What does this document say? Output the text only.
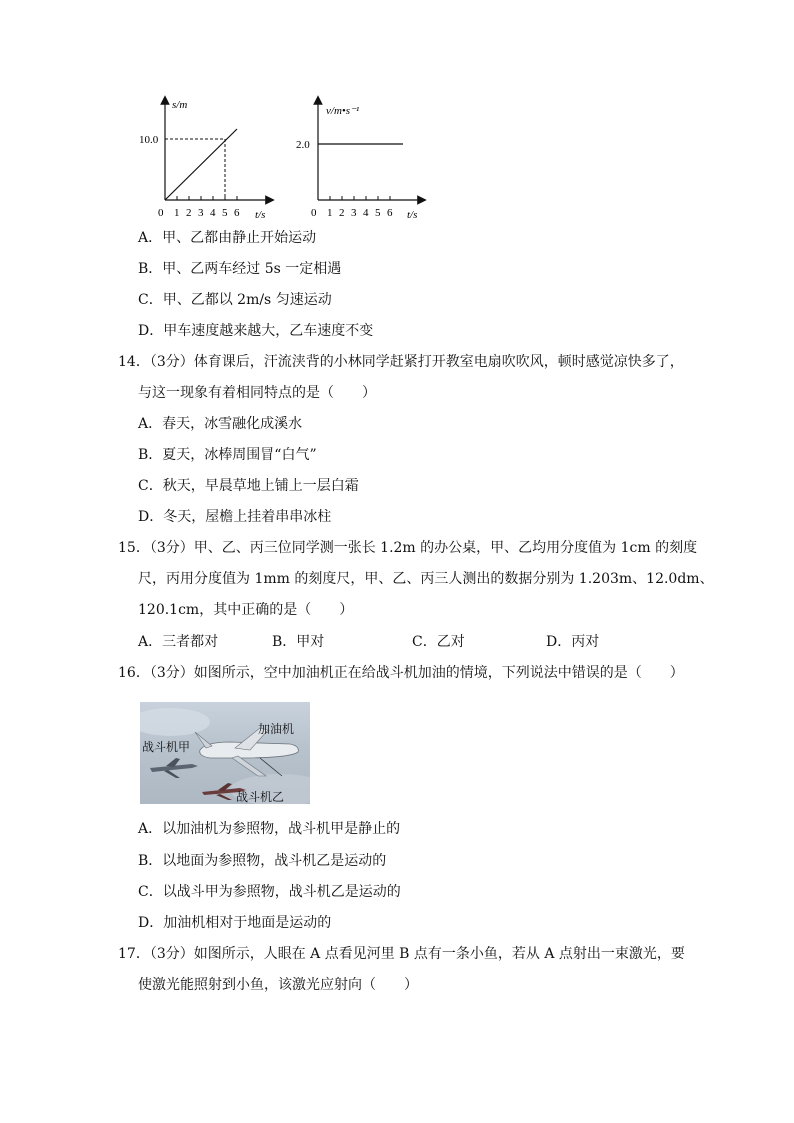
s/m
10.0
t/s
0 1 2 3 4 5 6
v/m•s⁻¹
2.0
t/s
0 1 2 3 4 5 6
A．甲、乙都由静止开始运动
B．甲、乙两车经过 5s 一定相遇
C．甲、乙都以 2m/s 匀速运动
D．甲车速度越来越大，乙车速度不变
14．（3分）体育课后，汗流浃背的小林同学赶紧打开教室电扇吹吹风，顿时感觉凉快多了，
与这一现象有着相同特点的是（　　）
A．春天，冰雪融化成溪水
B．夏天，冰棒周围冒“白气”
C．秋天，早晨草地上铺上一层白霜
D．冬天，屋檐上挂着串串冰柱
15．（3分）甲、乙、丙三位同学测一张长 1.2m 的办公桌，甲、乙均用分度值为 1cm 的刻度
尺，丙用分度值为 1mm 的刻度尺，甲、乙、丙三人测出的数据分别为 1.203m、12.0dm、
120.1cm，其中正确的是（　　）
A．三者都对	B．甲对	C．乙对	D．丙对
16．（3分）如图所示，空中加油机正在给战斗机加油的情境，下列说法中错误的是（　　）
加油机
战斗机甲
战斗机乙
A．以加油机为参照物，战斗机甲是静止的
B．以地面为参照物，战斗机乙是运动的
C．以战斗甲为参照物，战斗机乙是运动的
D．加油机相对于地面是运动的
17．（3分）如图所示，人眼在 A 点看见河里 B 点有一条小鱼，若从 A 点射出一束激光，要
使激光能照射到小鱼，该激光应射向（　　）
